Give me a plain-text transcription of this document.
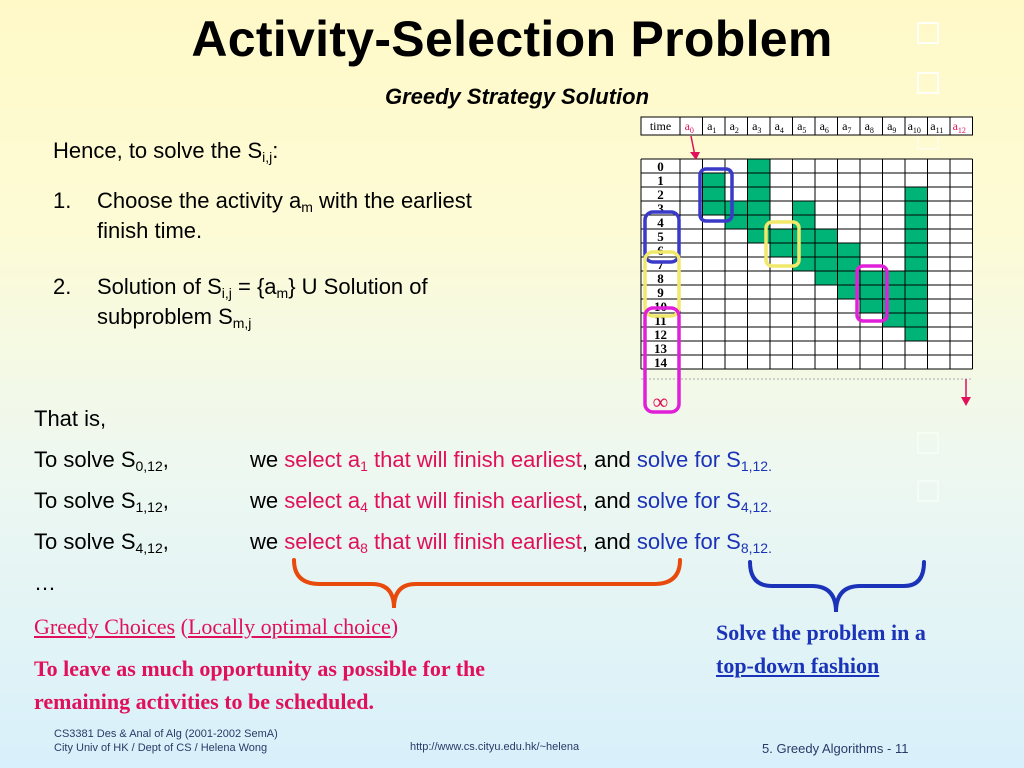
Activity-Selection Problem
Greedy Strategy Solution
Hence, to solve the $S_{i,j}$:
1. Choose the activity $a_m$ with the earliest
finish time.
2. Solution of $S_{i,j} = \{a_m\}$ U Solution of
subproblem $S_{m,j}$
That is,
To solve $S_{0,12}$,	we select $a_1$ that will finish earliest, and solve for $S_{1,12.}$
To solve $S_{1,12}$,	we select $a_4$ that will finish earliest, and solve for $S_{4,12.}$
To solve $S_{4,12}$,	we select $a_8$ that will finish earliest, and solve for $S_{8,12.}$
…
Greedy Choices (Locally optimal choice)
To leave as much opportunity as possible for the
remaining activities to be scheduled.
Solve the problem in a
top-down fashion
CS3381 Des & Anal of Alg (2001-2002 SemA)
City Univ of HK / Dept of CS / Helena Wong	http://www.cs.cityu.edu.hk/~helena	5. Greedy Algorithms - 11
time $a_0$ $a_1$ $a_2$ $a_3$ $a_4$ $a_5$ $a_6$ $a_7$ $a_8$ $a_9$ $a_{10}$ $a_{11}$ $a_{12}$
0
1
2
3
4
5
6
7
8
9
10
11
12
13
14
∞
